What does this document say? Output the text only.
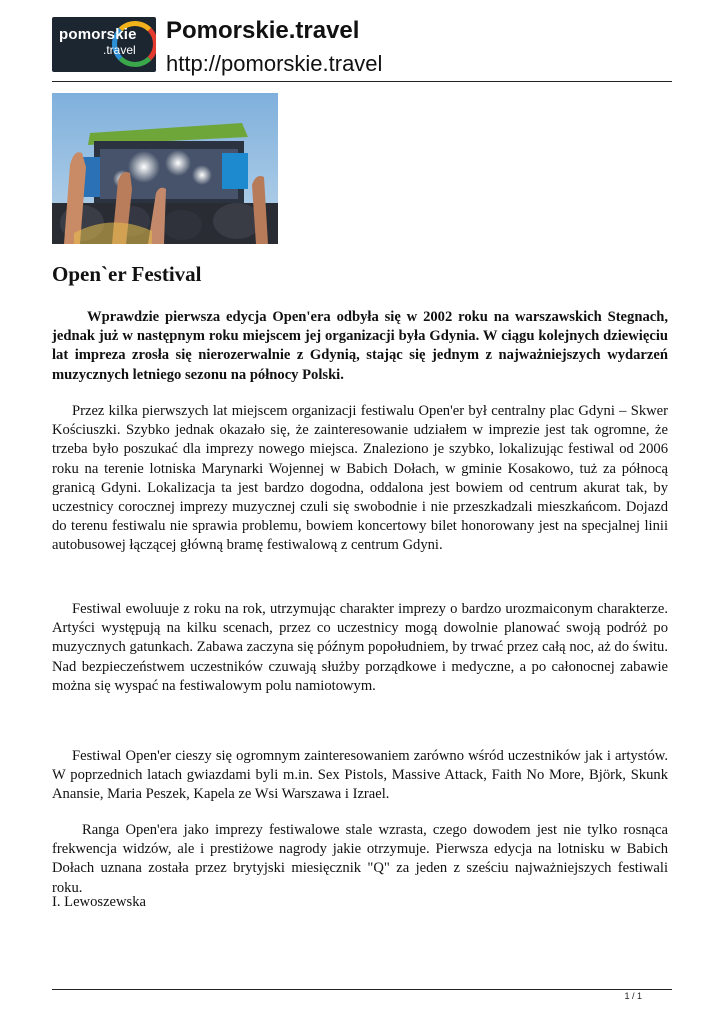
pomorskie
.travel
Pomorskie.travel
http://pomorskie.travel
Open`er Festival

Wprawdzie pierwsza edycja Open'era odbyła się w 2002 roku na warszawskich Stegnach, jednak już w następnym roku miejscem jej organizacji była Gdynia. W ciągu kolejnych dziewięciu lat impreza zrosła się nierozerwalnie z Gdynią, stając się jednym z najważniejszych wydarzeń muzycznych letniego sezonu na północy Polski.

Przez kilka pierwszych lat miejscem organizacji festiwalu Open'er był centralny plac Gdyni – Skwer Kościuszki. Szybko jednak okazało się, że zainteresowanie udziałem w imprezie jest tak ogromne, że trzeba było poszukać dla imprezy nowego miejsca. Znaleziono je szybko, lokalizując festiwal od 2006 roku na terenie lotniska Marynarki Wojennej w Babich Dołach, w gminie Kosakowo, tuż za północą granicą Gdyni. Lokalizacja ta jest bardzo dogodna, oddalona jest bowiem od centrum akurat tak, by uczestnicy corocznej imprezy muzycznej czuli się swobodnie i nie przeszkadzali mieszkańcom. Dojazd do terenu festiwalu nie sprawia problemu, bowiem koncertowy bilet honorowany jest na specjalnej linii autobusowej łączącej główną bramę festiwalową z centrum Gdyni.

Festiwal ewoluuje z roku na rok, utrzymując charakter imprezy o bardzo urozmaiconym charakterze. Artyści występują na kilku scenach, przez co uczestnicy mogą dowolnie planować swoją podróż po muzycznych gatunkach. Zabawa zaczyna się późnym popołudniem, by trwać przez całą noc, aż do świtu. Nad bezpieczeństwem uczestników czuwają służby porządkowe i medyczne, a po całonocnej zabawie można się wyspać na festiwalowym polu namiotowym.

Festiwal Open'er cieszy się ogromnym zainteresowaniem zarówno wśród uczestników jak i artystów. W poprzednich latach gwiazdami byli m.in. Sex Pistols, Massive Attack, Faith No More, Björk, Skunk Anansie, Maria Peszek, Kapela ze Wsi Warszawa i Izrael.

Ranga Open'era jako imprezy festiwalowe stale wzrasta, czego dowodem jest nie tylko rosnąca frekwencja widzów, ale i prestiżowe nagrody jakie otrzymuje. Pierwsza edycja na lotnisku w Babich Dołach uznana została przez brytyjski miesięcznik "Q" za jeden z sześciu najważniejszych festiwali roku.

I. Lewoszewska

1 / 1
